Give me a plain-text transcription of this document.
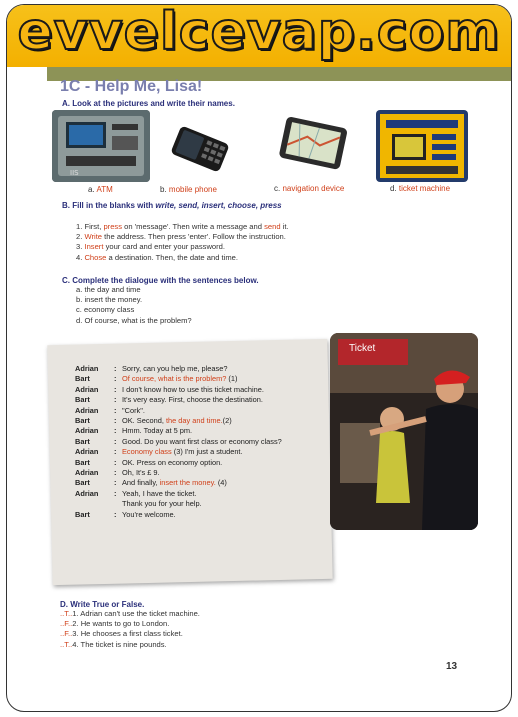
evvelcevap.com
1C - Help Me, Lisa!
A. Look at the pictures and write their names.
IIS
a. ATM	b. mobile phone	c. navigation device	d. ticket machine
B. Fill in the blanks with write, send, insert, choose, press
1. First, press on 'message'. Then write a message and send it.
2. Write the address. Then press 'enter'. Follow the instruction.
3. Insert your card and enter your password.
4. Chose a destination. Then, the date and time.
C. Complete the dialogue with the sentences below.
a. the day and time
b. insert the money.
c. economy class
d. Of course, what is the problem?
Adrian	: Sorry, can you help me, please?
Bart	: Of course, what is the problem? (1)
Adrian	: I don't know how to use this ticket machine.
Bart	: It's very easy. First, choose the destination.
Adrian	: "Cork".
Bart	: OK. Second, the day and time.(2)
Adrian	: Hmm. Today at 5 pm.
Bart	: Good. Do you want first class or economy class?
Adrian	: Economy class (3) I'm just a student.
Bart	: OK. Press on economy option.
Adrian	: Oh, It's £ 9.
Bart	: And finally, insert the money. (4)
Adrian	: Yeah, I have the ticket.
Thank you for your help.
Bart	: You're welcome.
Ticket
D. Write True or False.
..T..1. Adrian can't use the ticket machine.
..F..2. He wants to go to London.
..F..3. He chooses a first class ticket.
..T..4. The ticket is nine pounds.
13
